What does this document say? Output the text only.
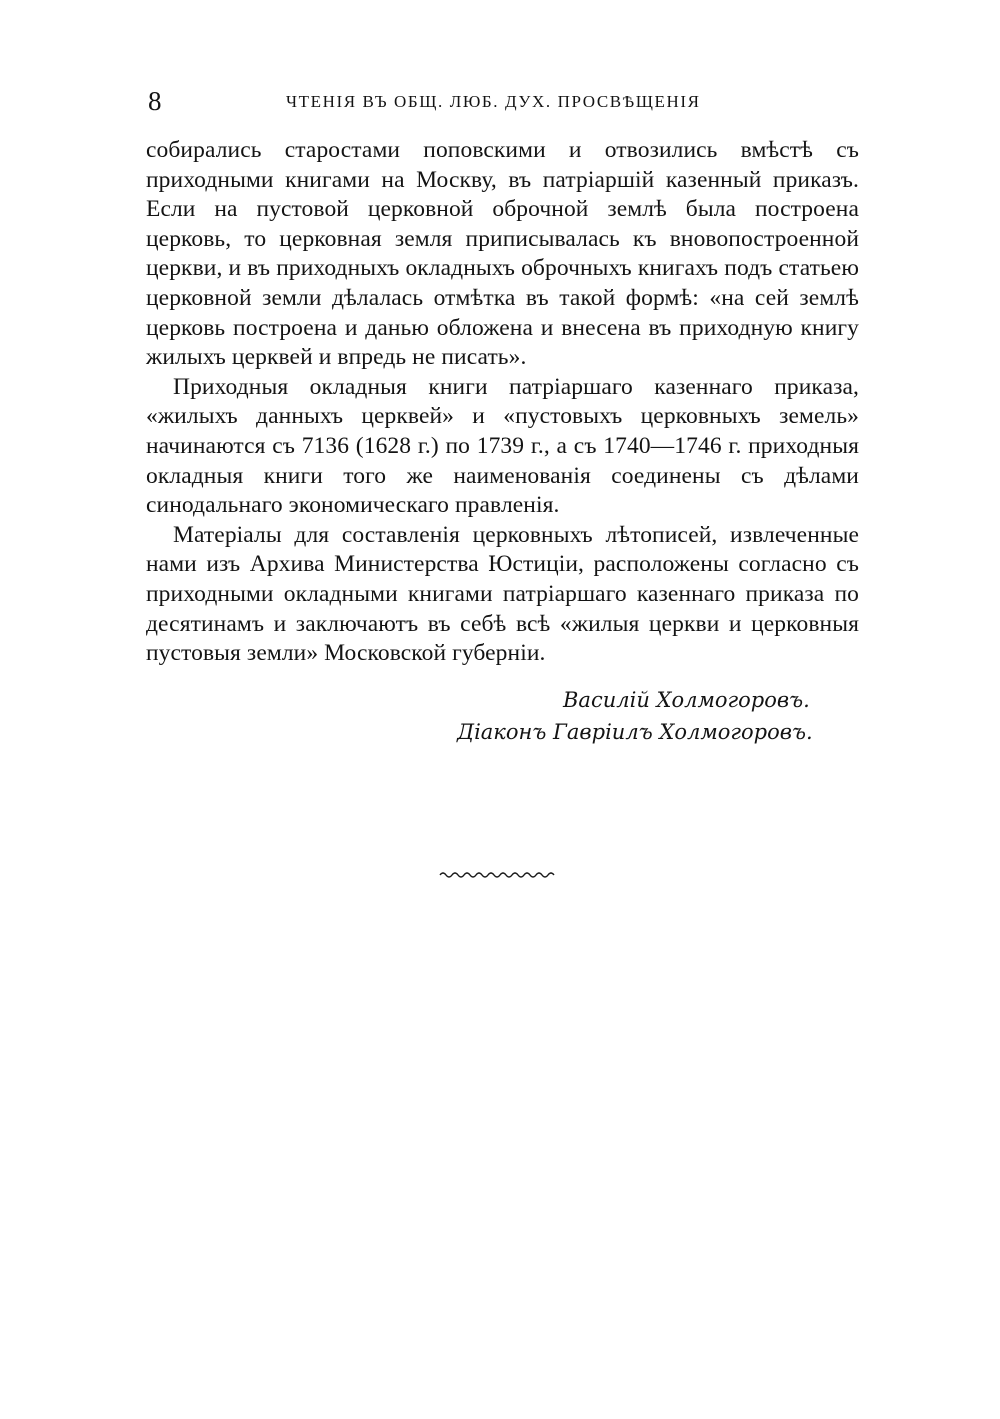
8	ЧТЕНІЯ ВЪ ОБЩ. ЛЮБ. ДУХ. ПРОСВѢЩЕНІЯ

собирались старостами поповскими и отвозились вмѣстѣ съ приходными книгами на Москву, въ патріаршій казенный приказъ. Если на пустовой церковной оброчной землѣ была построена церковь, то церковная земля приписывалась къ вновопостроенной церкви, и въ приходныхъ окладныхъ оброчныхъ книгахъ подъ статьею церковной земли дѣлалась отмѣтка въ такой формѣ: «на сей землѣ церковь построена и данью обложена и внесена въ приходную книгу жилыхъ церквей и впредь не писать».

Приходныя окладныя книги патріаршаго казеннаго приказа, «жилыхъ данныхъ церквей» и «пустовыхъ церковныхъ земель» начинаются съ 7136 (1628 г.) по 1739 г., а съ 1740—1746 г. приходныя окладныя книги того же наименованія соединены съ дѣлами синодальнаго экономическаго правленія.

Матеріалы для составленія церковныхъ лѣтописей, извлеченные нами изъ Архива Министерства Юстиціи, расположены согласно съ приходными окладными книгами патріаршаго казеннаго приказа по десятинамъ и заключаютъ въ себѣ всѣ «жилыя церкви и церковныя пустовыя земли» Московской губерніи.

Василій Холмогоровъ.
Діаконъ Гавріилъ Холмогоровъ.
